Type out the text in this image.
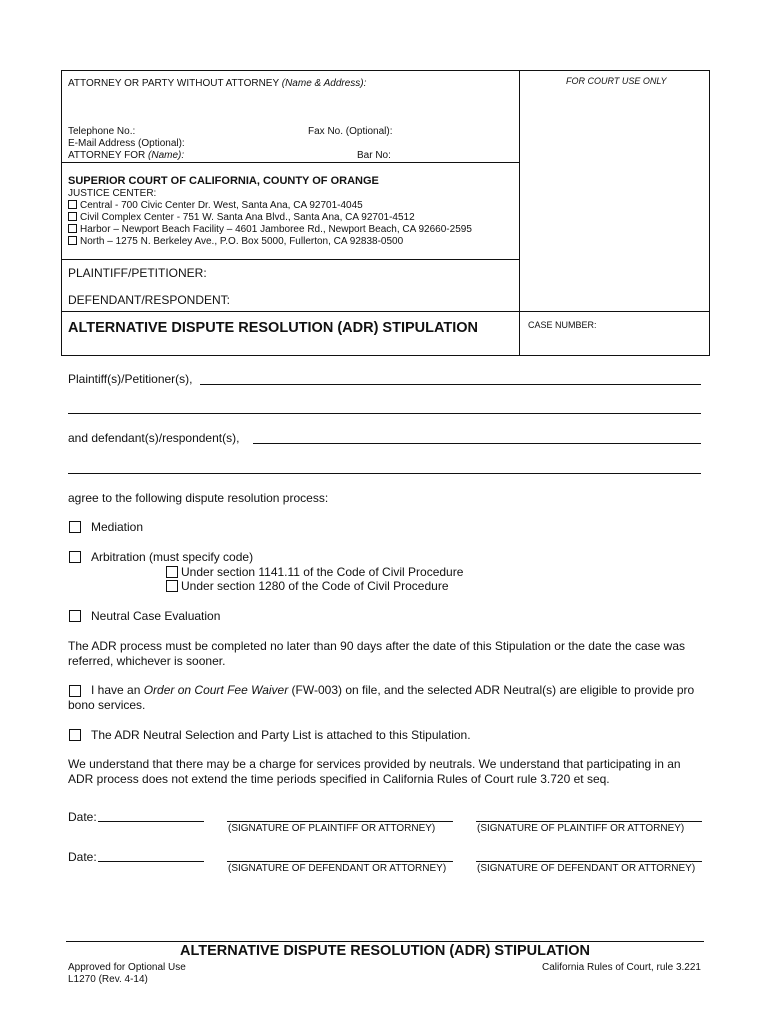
ATTORNEY OR PARTY WITHOUT ATTORNEY (Name & Address):	FOR COURT USE ONLY
Telephone No.:	Fax No. (Optional):
E-Mail Address (Optional):
ATTORNEY FOR (Name):	Bar No:
SUPERIOR COURT OF CALIFORNIA, COUNTY OF ORANGE
JUSTICE CENTER:
Central - 700 Civic Center Dr. West, Santa Ana, CA 92701-4045
Civil Complex Center - 751 W. Santa Ana Blvd., Santa Ana, CA 92701-4512
Harbor – Newport Beach Facility – 4601 Jamboree Rd., Newport Beach, CA 92660-2595
North – 1275 N. Berkeley Ave., P.O. Box 5000, Fullerton, CA 92838-0500
PLAINTIFF/PETITIONER:
DEFENDANT/RESPONDENT:
ALTERNATIVE DISPUTE RESOLUTION (ADR) STIPULATION	CASE NUMBER:
Plaintiff(s)/Petitioner(s),
and defendant(s)/respondent(s),
agree to the following dispute resolution process:
Mediation
Arbitration (must specify code)
Under section 1141.11 of the Code of Civil Procedure
Under section 1280 of the Code of Civil Procedure
Neutral Case Evaluation
The ADR process must be completed no later than 90 days after the date of this Stipulation or the date the case was referred, whichever is sooner.
I have an Order on Court Fee Waiver (FW-003) on file, and the selected ADR Neutral(s) are eligible to provide pro bono services.
The ADR Neutral Selection and Party List is attached to this Stipulation.
We understand that there may be a charge for services provided by neutrals. We understand that participating in an ADR process does not extend the time periods specified in California Rules of Court rule 3.720 et seq.
Date:
(SIGNATURE OF PLAINTIFF OR ATTORNEY)	(SIGNATURE OF PLAINTIFF OR ATTORNEY)
Date:
(SIGNATURE OF DEFENDANT OR ATTORNEY)	(SIGNATURE OF DEFENDANT OR ATTORNEY)
ALTERNATIVE DISPUTE RESOLUTION (ADR) STIPULATION
Approved for Optional Use
L1270 (Rev. 4-14)
California Rules of Court, rule 3.221
